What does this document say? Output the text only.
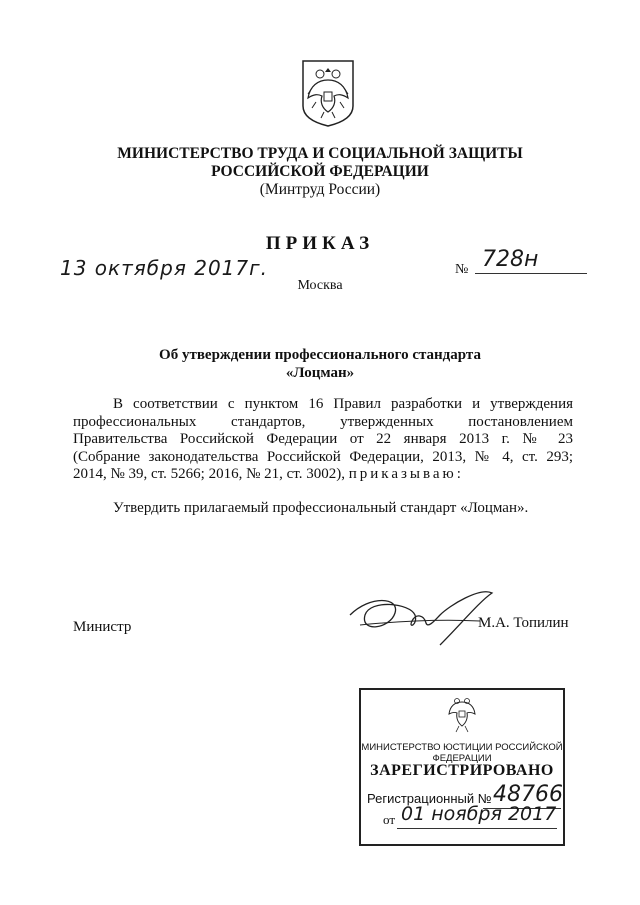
МИНИСТЕРСТВО ТРУДА И СОЦИАЛЬНОЙ ЗАЩИТЫ
РОССИЙСКОЙ ФЕДЕРАЦИИ
(Минтруд России)
ПРИКАЗ
13 октября 2017г.	№ 728н
Москва
Об утверждении профессионального стандарта
«Лоцман»
В соответствии с пунктом 16 Правил разработки и утверждения
профессиональных стандартов, утвержденных постановлением
Правительства Российской Федерации от 22 января 2013 г. № 23
(Собрание законодательства Российской Федерации, 2013, № 4, ст. 293;
2014, № 39, ст. 5266; 2016, № 21, ст. 3002), приказываю:
Утвердить прилагаемый профессиональный стандарт «Лоцман».
Министр	М.А. Топилин
МИНИСТЕРСТВО ЮСТИЦИИ РОССИЙСКОЙ ФЕДЕРАЦИИ
ЗАРЕГИСТРИРОВАНО
Регистрационный № 48766
от 01 ноября 2017
